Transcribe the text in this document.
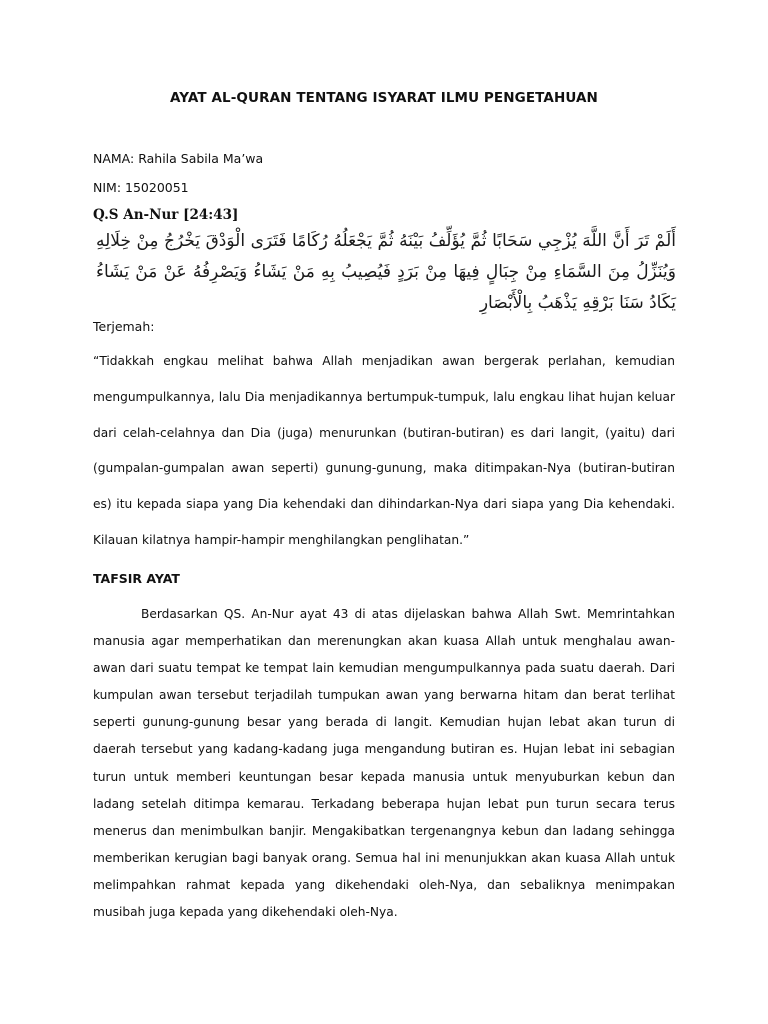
AYAT AL-QURAN TENTANG ISYARAT ILMU PENGETAHUAN

NAMA: Rahila Sabila Ma’wa

NIM: 15020051

Q.S An-Nur [24:43]

أَلَمْ تَرَ أَنَّ اللَّهَ يُزْجِي سَحَابًا ثُمَّ يُؤَلِّفُ بَيْنَهُ ثُمَّ يَجْعَلُهُ رُكَامًا فَتَرَى الْوَدْقَ يَخْرُجُ مِنْ خِلَالِهِ وَيُنَزِّلُ مِنَ السَّمَاءِ مِنْ جِبَالٍ فِيهَا مِنْ بَرَدٍ فَيُصِيبُ بِهِ مَنْ يَشَاءُ وَيَصْرِفُهُ عَنْ مَنْ يَشَاءُ يَكَادُ سَنَا بَرْقِهِ يَذْهَبُ بِالْأَبْصَارِ

Terjemah:

“Tidakkah engkau melihat bahwa Allah menjadikan awan bergerak perlahan, kemudian mengumpulkannya, lalu Dia menjadikannya bertumpuk-tumpuk, lalu engkau lihat hujan keluar dari celah-celahnya dan Dia (juga) menurunkan (butiran-butiran) es dari langit, (yaitu) dari (gumpalan-gumpalan awan seperti) gunung-gunung, maka ditimpakan-Nya (butiran-butiran es) itu kepada siapa yang Dia kehendaki dan dihindarkan-Nya dari siapa yang Dia kehendaki. Kilauan kilatnya hampir-hampir menghilangkan penglihatan.”

TAFSIR AYAT

Berdasarkan QS. An-Nur ayat 43 di atas dijelaskan bahwa Allah Swt. Memrintahkan manusia agar memperhatikan dan merenungkan akan kuasa Allah untuk menghalau awan-awan dari suatu tempat ke tempat lain kemudian mengumpulkannya pada suatu daerah. Dari kumpulan awan tersebut terjadilah tumpukan awan yang berwarna hitam dan berat terlihat seperti gunung-gunung besar yang berada di langit. Kemudian hujan lebat akan turun di daerah tersebut yang kadang-kadang juga mengandung butiran es. Hujan lebat ini sebagian turun untuk memberi keuntungan besar kepada manusia untuk menyuburkan kebun dan ladang setelah ditimpa kemarau. Terkadang beberapa hujan lebat pun turun secara terus menerus dan menimbulkan banjir. Mengakibatkan tergenangnya kebun dan ladang sehingga memberikan kerugian bagi banyak orang. Semua hal ini menunjukkan akan kuasa Allah untuk melimpahkan rahmat kepada yang dikehendaki oleh-Nya, dan sebaliknya menimpakan musibah juga kepada yang dikehendaki oleh-Nya.
